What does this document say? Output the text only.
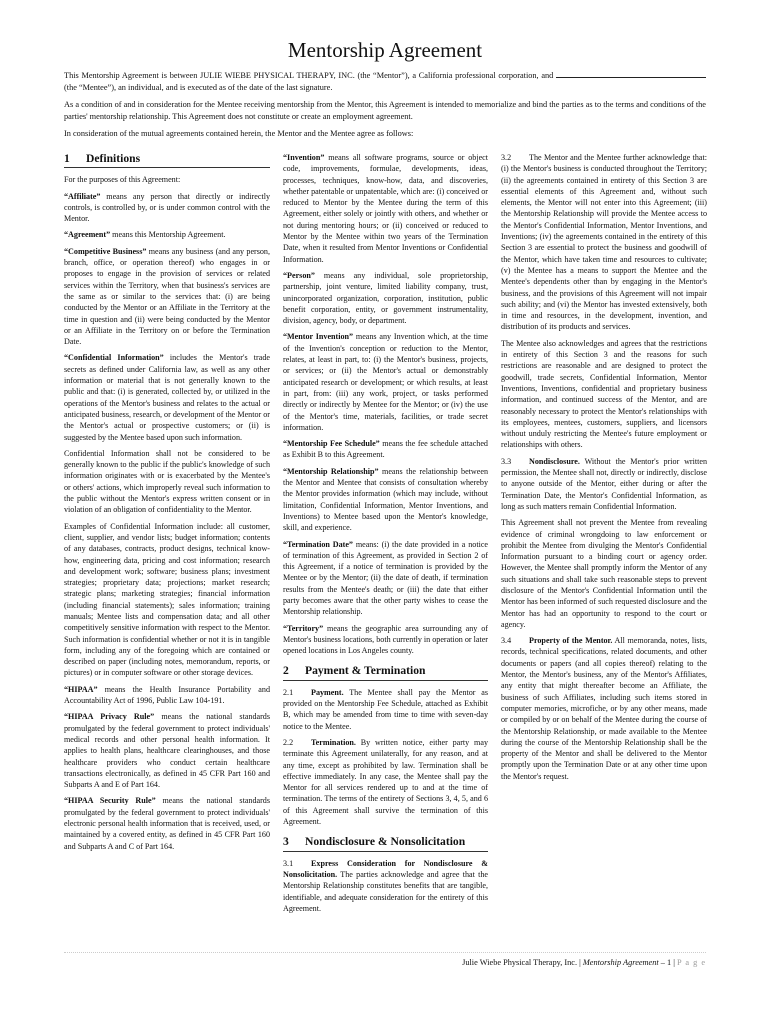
Mentorship Agreement

This Mentorship Agreement is between JULIE WIEBE PHYSICAL THERAPY, INC. (the “Mentor”), a California professional corporation, and  (the “Mentee”), an individual, and is executed as of the date of the last signature.

As a condition of and in consideration for the Mentee receiving mentorship from the Mentor, this Agreement is intended to memorialize and bind the parties as to the terms and conditions of the parties' mentorship relationship. This Agreement does not constitute or create an employment agreement.

In consideration of the mutual agreements contained herein, the Mentor and the Mentee agree as follows:

1 Definitions

For the purposes of this Agreement:

“Affiliate” means any person that directly or indirectly controls, is controlled by, or is under common control with the Mentor.

“Agreement” means this Mentorship Agreement.

“Competitive Business” means any business (and any person, branch, office, or operation thereof) who engages in or proposes to engage in the provision of services or related services within the Territory, when that business's services are the same as or similar to the services that: (i) are being conducted by the Mentor or an Affiliate in the Territory at the time in question and (ii) were being conducted by the Mentor or an Affiliate in the Territory on or before the Termination Date.

“Confidential Information” includes the Mentor's trade secrets as defined under California law, as well as any other information or material that is not generally known to the public and that: (i) is generated, collected by, or utilized in the operations of the Mentor's business and relates to the actual or anticipated business, research, or development of the Mentor or the Mentor's actual or prospective customers; or (ii) is suggested by the Mentee based upon such information.

Confidential Information shall not be considered to be generally known to the public if the public's knowledge of such information originates with or is exacerbated by the Mentee's or others' actions, which improperly reveal such information to the public without the Mentor's express written consent or in violation of an obligation of confidentiality to the Mentor.

Examples of Confidential Information include: all customer, client, supplier, and vendor lists; budget information; contents of any databases, contracts, product designs, technical know-how, engineering data, pricing and cost information; research and development work; software; business plans; investment strategies; proprietary data; projections; market research; strategic plans; marketing strategies; financial information (including financial statements); sales information; training manuals; Mentee lists and compensation data; and all other competitively sensitive information with respect to the Mentor. Such information is confidential whether or not it is in tangible form, including any of the foregoing which are contained or described on paper (including notes, memorandum, reports, or pictures) or in computer software or other storage devices.

“HIPAA” means the Health Insurance Portability and Accountability Act of 1996, Public Law 104-191.

“HIPAA Privacy Rule” means the national standards promulgated by the federal government to protect individuals' medical records and other personal health information. It applies to health plans, healthcare clearinghouses, and those healthcare providers who conduct certain healthcare transactions electronically, as defined in 45 CFR Part 160 and Subparts A and E of Part 164.

“HIPAA Security Rule” means the national standards promulgated by the federal government to protect individuals' electronic personal health information that is received, used, or maintained by a covered entity, as defined in 45 CFR Part 160 and Subparts A and C of Part 164.

“Invention” means all software programs, source or object code, improvements, formulae, developments, ideas, processes, techniques, know-how, data, and discoveries, whether patentable or unpatentable, which are: (i) conceived or reduced to Mentor by the Mentee during the term of this Agreement, either solely or jointly with others, and whether or not during mentoring hours; or (ii) conceived or reduced to Mentor by the Mentee within two years of the Termination Date, when it resulted from Mentor Inventions or Confidential Information.

“Person” means any individual, sole proprietorship, partnership, joint venture, limited liability company, trust, unincorporated organization, corporation, institution, public benefit corporation, entity, or government instrumentality, division, agency, body, or department.

“Mentor Invention” means any Invention which, at the time of the Invention's conception or reduction to the Mentor, relates, at least in part, to: (i) the Mentor's business, projects, or services; or (ii) the Mentor's actual or demonstrably anticipated research or development; or which results, at least in part, from: (iii) any work, project, or tasks performed directly or indirectly by Mentee for the Mentor; or (iv) the use of the Mentor's time, materials, facilities, or trade secret information.

“Mentorship Fee Schedule” means the fee schedule attached as Exhibit B to this Agreement.

“Mentorship Relationship” means the relationship between the Mentor and Mentee that consists of consultation whereby the Mentor provides information (which may include, without limitation, Confidential Information, Mentor Inventions, and Inventions) to Mentee based upon the Mentor's knowledge, skill, and experience.

“Termination Date” means: (i) the date provided in a notice of termination of this Agreement, as provided in Section 2 of this Agreement, if a notice of termination is provided by the Mentee or by the Mentor; (ii) the date of death, if termination results from the Mentee's death; or (iii) the date that either party becomes aware that the other party wishes to cease the Mentorship relationship.

“Territory” means the geographic area surrounding any of Mentor's business locations, both currently in operation or later opened locations in Los Angeles county.

2 Payment & Termination

2.1 Payment. The Mentee shall pay the Mentor as provided on the Mentorship Fee Schedule, attached as Exhibit B, which may be amended from time to time with seven-day notice to the Mentee.

2.2 Termination. By written notice, either party may terminate this Agreement unilaterally, for any reason, and at any time, except as prohibited by law. Termination shall be effective immediately. In any case, the Mentee shall pay the Mentor for all services rendered up to and at the time of termination. The terms of the entirety of Sections 3, 4, 5, and 6 of this Agreement shall survive the termination of this Agreement.

3 Nondisclosure & Nonsolicitation

3.1 Express Consideration for Nondisclosure & Nonsolicitation. The parties acknowledge and agree that the Mentorship Relationship constitutes benefits that are tangible, identifiable, and adequate consideration for the entirety of this Agreement.

3.2 The Mentor and the Mentee further acknowledge that: (i) the Mentor's business is conducted throughout the Territory; (ii) the agreements contained in entirety of this Section 3 are essential elements of this Agreement and, without such elements, the Mentor will not enter into this Agreement; (iii) the Mentorship Relationship will provide the Mentee access to the Mentor's Confidential Information, Mentor Inventions, and Inventions; (iv) the agreements contained in the entirety of this Section 3 are essential to protect the business and goodwill of the Mentor, which have taken time and resources to cultivate; (v) the Mentee has a means to support the Mentee and the Mentee's dependents other than by engaging in the Mentor's business, and the provisions of this Agreement will not impair such ability; and (vi) the Mentor has invested extensively, both in time and resources, in the development, invention, and distribution of its products and services.

The Mentee also acknowledges and agrees that the restrictions in entirety of this Section 3 and the reasons for such restrictions are reasonable and are designed to protect the goodwill, trade secrets, Confidential Information, Mentor Inventions, Inventions, confidential and proprietary business information, and continued success of the Mentor, and are reasonably necessary to protect the Mentor's relationships with its employees, mentees, customers, suppliers, and licensors without unduly restricting the Mentee's future employment or relationships with others.

3.3 Nondisclosure. Without the Mentor's prior written permission, the Mentee shall not, directly or indirectly, disclose to anyone outside of the Mentor, either during or after the Termination Date, the Mentor's Confidential Information, as long as such matters remain Confidential Information.

This Agreement shall not prevent the Mentee from revealing evidence of criminal wrongdoing to law enforcement or prohibit the Mentee from divulging the Mentor's Confidential Information pursuant to a binding court or agency order. However, the Mentee shall promptly inform the Mentor of any such situations and shall take such reasonable steps to prevent disclosure of the Mentor's Confidential Information until the Mentor has been informed of such requested disclosure and the Mentor has had an opportunity to respond to the court or agency.

3.4 Property of the Mentor. All memoranda, notes, lists, records, technical specifications, related documents, and other documents or papers (and all copies thereof) relating to the Mentor, the Mentor's business, any of the Mentor's Affiliates, any entity that might thereafter become an Affiliate, the business of such Affiliates, including such items stored in computer memories, microfiche, or by any other means, made or compiled by or on behalf of the Mentee during the course of the Mentorship Relationship, or made available to the Mentee during the course of the Mentorship Relationship shall be the property of the Mentor and shall be delivered to the Mentor promptly upon the Termination Date or at any other time upon the Mentor's request.

Julie Wiebe Physical Therapy, Inc. | Mentorship Agreement – 1 | P a g e
